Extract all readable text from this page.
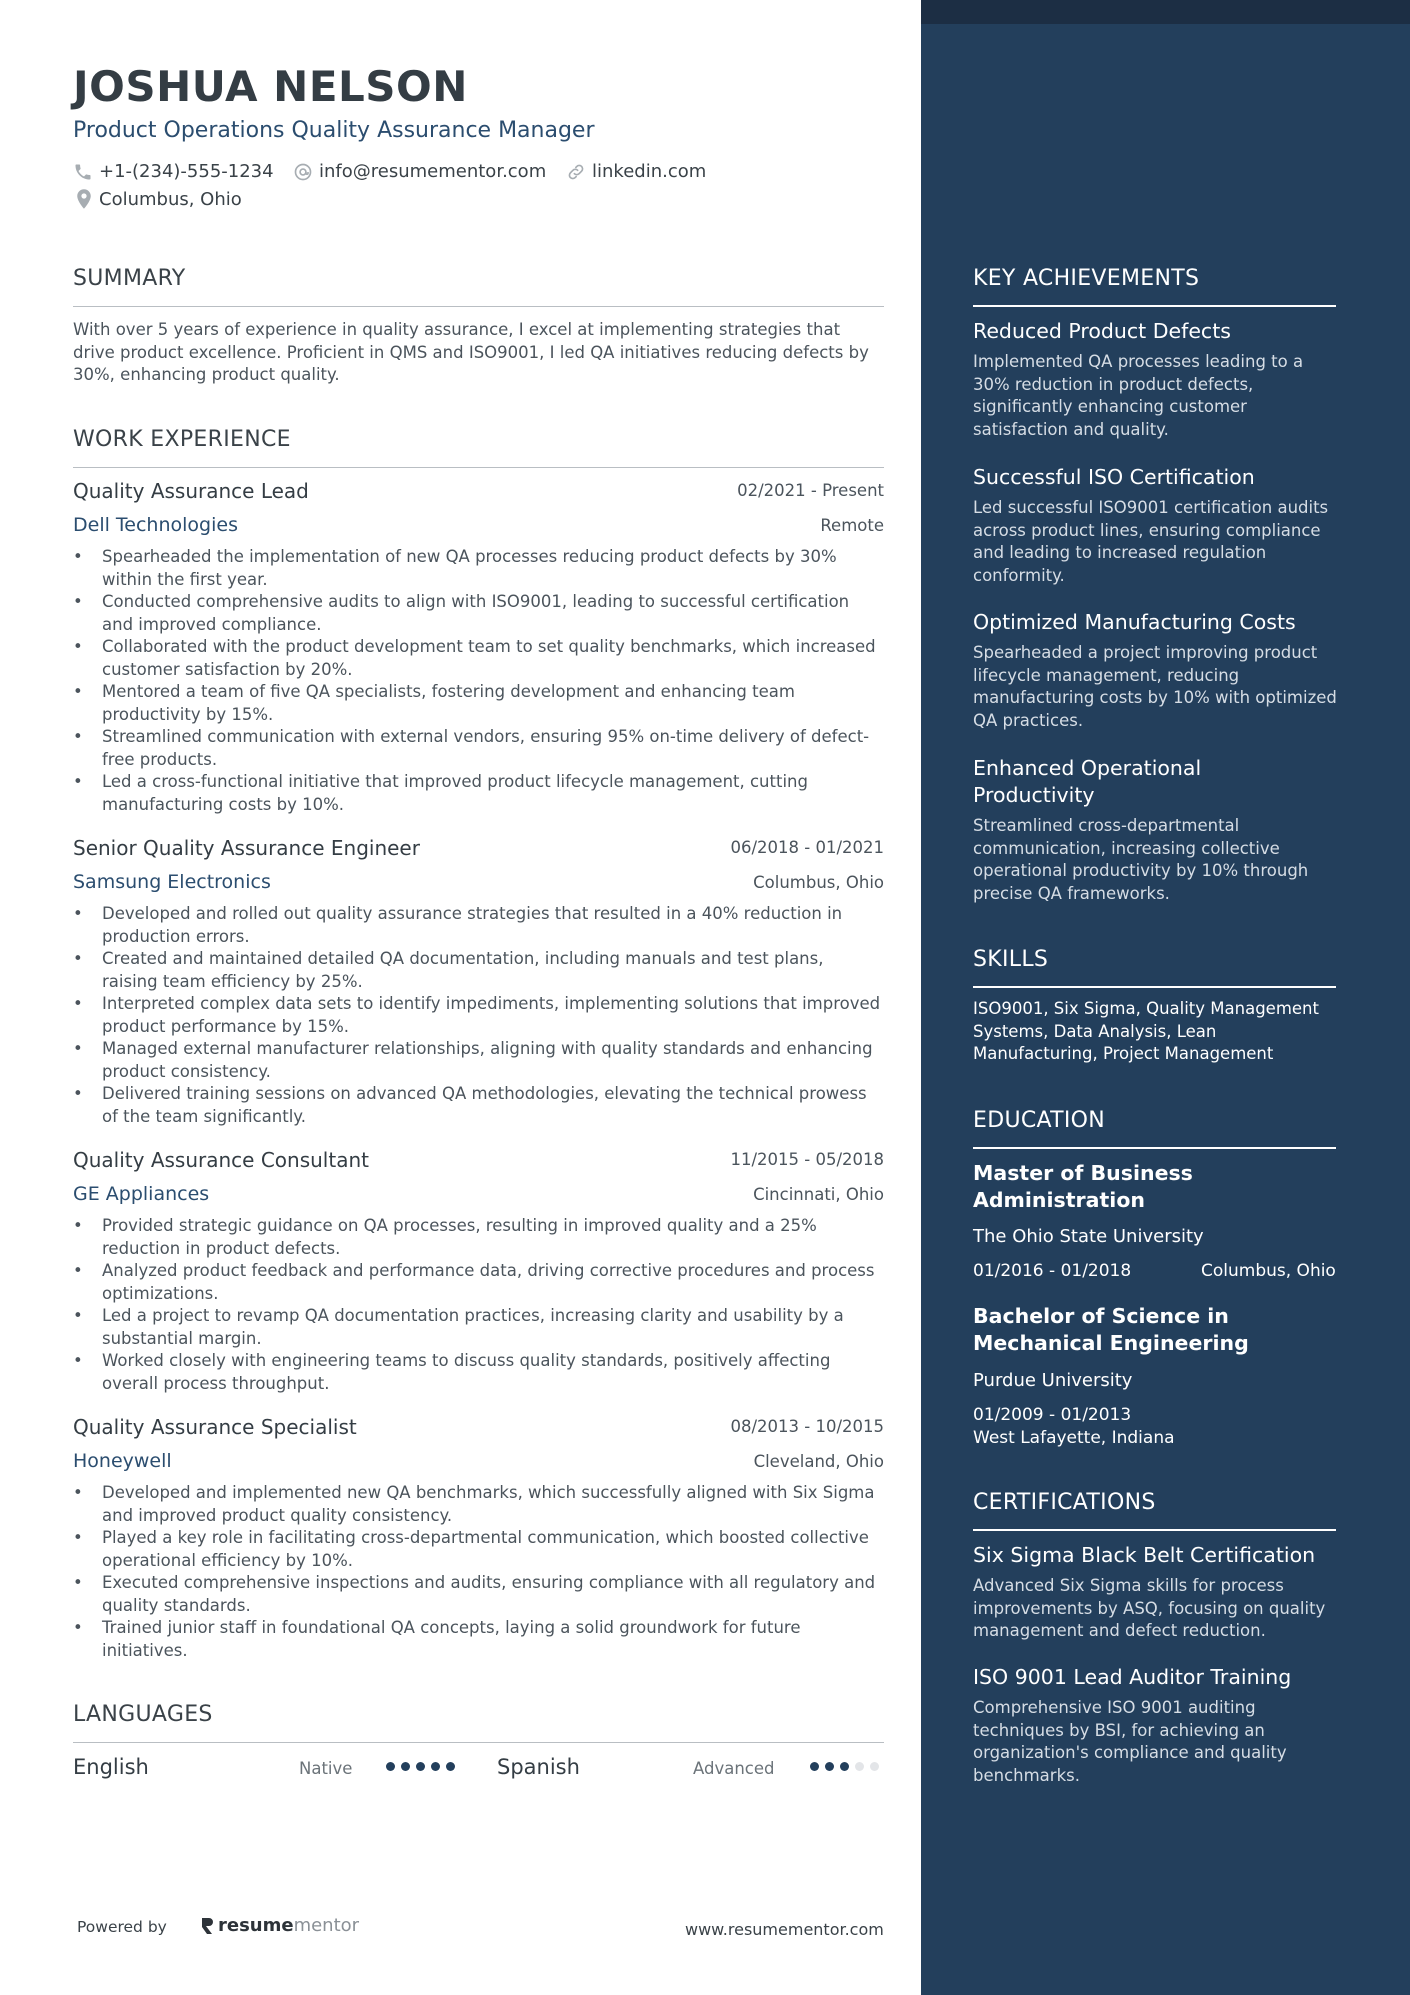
JOSHUA NELSON
Product Operations Quality Assurance Manager
+1-(234)-555-1234	info@resumementor.com	linkedin.com
Columbus, Ohio
SUMMARY
With over 5 years of experience in quality assurance, I excel at implementing strategies that drive product excellence. Proficient in QMS and ISO9001, I led QA initiatives reducing defects by 30%, enhancing product quality.
WORK EXPERIENCE
Quality Assurance Lead	02/2021 - Present
Dell Technologies	Remote
• Spearheaded the implementation of new QA processes reducing product defects by 30% within the first year.
• Conducted comprehensive audits to align with ISO9001, leading to successful certification and improved compliance.
• Collaborated with the product development team to set quality benchmarks, which increased customer satisfaction by 20%.
• Mentored a team of five QA specialists, fostering development and enhancing team productivity by 15%.
• Streamlined communication with external vendors, ensuring 95% on-time delivery of defect-free products.
• Led a cross-functional initiative that improved product lifecycle management, cutting manufacturing costs by 10%.
Senior Quality Assurance Engineer	06/2018 - 01/2021
Samsung Electronics	Columbus, Ohio
• Developed and rolled out quality assurance strategies that resulted in a 40% reduction in production errors.
• Created and maintained detailed QA documentation, including manuals and test plans, raising team efficiency by 25%.
• Interpreted complex data sets to identify impediments, implementing solutions that improved product performance by 15%.
• Managed external manufacturer relationships, aligning with quality standards and enhancing product consistency.
• Delivered training sessions on advanced QA methodologies, elevating the technical prowess of the team significantly.
Quality Assurance Consultant	11/2015 - 05/2018
GE Appliances	Cincinnati, Ohio
• Provided strategic guidance on QA processes, resulting in improved quality and a 25% reduction in product defects.
• Analyzed product feedback and performance data, driving corrective procedures and process optimizations.
• Led a project to revamp QA documentation practices, increasing clarity and usability by a substantial margin.
• Worked closely with engineering teams to discuss quality standards, positively affecting overall process throughput.
Quality Assurance Specialist	08/2013 - 10/2015
Honeywell	Cleveland, Ohio
• Developed and implemented new QA benchmarks, which successfully aligned with Six Sigma and improved product quality consistency.
• Played a key role in facilitating cross-departmental communication, which boosted collective operational efficiency by 10%.
• Executed comprehensive inspections and audits, ensuring compliance with all regulatory and quality standards.
• Trained junior staff in foundational QA concepts, laying a solid groundwork for future initiatives.
LANGUAGES
English	Native	Spanish	Advanced
Powered by	resume mentor	www.resumementor.com
KEY ACHIEVEMENTS
Reduced Product Defects
Implemented QA processes leading to a 30% reduction in product defects, significantly enhancing customer satisfaction and quality.
Successful ISO Certification
Led successful ISO9001 certification audits across product lines, ensuring compliance and leading to increased regulation conformity.
Optimized Manufacturing Costs
Spearheaded a project improving product lifecycle management, reducing manufacturing costs by 10% with optimized QA practices.
Enhanced Operational Productivity
Streamlined cross-departmental communication, increasing collective operational productivity by 10% through precise QA frameworks.
SKILLS
ISO9001, Six Sigma, Quality Management Systems, Data Analysis, Lean Manufacturing, Project Management
EDUCATION
Master of Business Administration
The Ohio State University
01/2016 - 01/2018	Columbus, Ohio
Bachelor of Science in Mechanical Engineering
Purdue University
01/2009 - 01/2013
West Lafayette, Indiana
CERTIFICATIONS
Six Sigma Black Belt Certification
Advanced Six Sigma skills for process improvements by ASQ, focusing on quality management and defect reduction.
ISO 9001 Lead Auditor Training
Comprehensive ISO 9001 auditing techniques by BSI, for achieving an organization's compliance and quality benchmarks.
